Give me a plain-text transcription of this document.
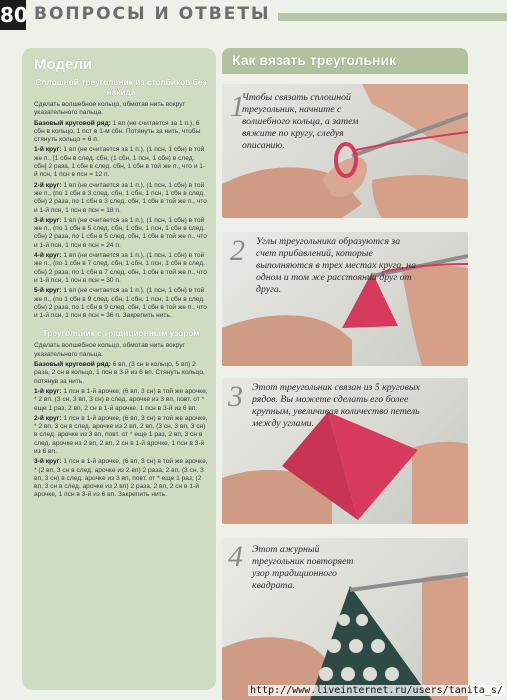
80 ВОПРОСЫ И ОТВЕТЫ
Модели
Сплошной треугольник из столбиков без накида
Сделать волшебное кольцо, обмотав нить вокруг указательного пальца.
Базовый круговой ряд: 1 вп (не считается за 1 п.), 6 сбн в кольцо, 1 пст в 1-м сбн. Потянуть за нить, чтобы стянуть кольцо = 6 п.
1-й круг: 1 вп (не считается за 1 п.), (1 псн, 1 сбн) в той же п., [1 сбн в след. сбн, (1 сбн, 1 псн, 1 сбн) в след. сбн] 2 раза, 1 сбн в след. сбн, 1 сбн в той же п., что и 1-й псн, 1 псн в псн = 12 п.
2-й круг: 1 вп (не считается за 1 п.), (1 псн, 1 сбн) в той же п., (по 1 сбн в 3 след. сбн, 1 сбн, 1 псн, 1 сбн в след. сбн) 2 раза, по 1 сбн в 3 след. сбн, 1 сбн в той же п., что и 1-й псн, 1 псн в псн = 18 п.
3-й круг: 1 вп (не считается за 1 п.), (1 псн, 1 сбн) в той же п., (по 1 сбн в 5 след. сбн, 1 сбн, 1 псн, 1 сбн в след. сбн) 2 раза, по 1 сбн в 5 след. сбн, 1 сбн в той же п., что и 1-й псн, 1 псн в псн = 24 п.
4-й круг: 1 вп (не считается за 1 п.), (1 псн, 1 сбн) в той же п., (по 1 сбн в 7 след. сбн, 1 сбн, 1 псн, 1 сбн в след. сбн) 2 раза, по 1 сбн в 7 след. сбн, 1 сбн в той же п., что и 1-й псн, 1 псн в псн = 30 п.
5-й круг: 1 вп (не считается за 1 п.), (1 псн, 1 сбн) в той же п., (по 1 сбн в 9 след. сбн, 1 сбн, 1 псн, 1 сбн в след. сбн) 2 раза, по 1 сбн в 9 след. сбн, 1 сбн в той же п., что и 1-й псн, 1 псн в псн = 36 п. Закрепить нить.
Треугольник с традиционным узором
Сделать волшебное кольцо, обмотав нить вокруг указательного пальца.
Базовый круговой ряд: 6 вп, (3 сн в кольцо, 5 вп) 2 раза, 2 сн в кольцо, 1 псн в 3-й из 6 вп. Стянуть кольцо, потянув за нить.
1-й круг: 1 псн в 1-й арочке, (6 вп, 3 сн) в той же арочке, * 2 вп, (3 сн, 3 вп, 3 сн) в след. арочке из 3 вп, повт. от * еще 1 раз, 2 вп, 2 сн в 1-й арочке, 1 псн в 3-й из 6 вп.
2-й круг: 1 псн в 1-й арочке, (6 вп, 3 сн) в той же арочке, * 2 вп, 3 сн в след. арочке из 2 вп, 2 вп, (3 сн, 3 вп, 3 сн) в след. арочке из 3 вп, повт. от * еще 1 раз, 2 вп, 3 сн в след. арочке из 2 вп, 2 вп, 2 сн в 1-й арочке, 1 псн в 3-й из 6 вп.
3-й круг: 1 псн в 1-й арочке, (6 вп, 3 сн) в той же арочке, * (2 вп, 3 сн в след. арочке из 2 вп) 2 раза, 2 вп, (3 сн, 3 вп, 3 сн) в след. арочке из 3 вп, повт. от * еще 1 раз, (2 вп, 3 сн в след. арочке из 2 вп) 2 раза, 2 вп, 2 сн в 1-й арочке, 1 псн в 3-й из 6 вп. Закрепить нить.
Как вязать треугольник
1
Чтобы связать сплошной треугольник, начните с волшебного кольца, а затем вяжите по кругу, следуя описанию.
2 Углы треугольника образуются за счет прибавлений, которые выполняются в трех местах круга, на одном и том же расстоянии друг от друга.
3 Этот треугольник связан из 5 круговых рядов. Вы можете сделать его более крупным, увеличивая количество петель между углами.
4 Этот ажурный треугольник повторяет узор традиционного квадрата.
http://www.liveinternet.ru/users/tanita_s/
